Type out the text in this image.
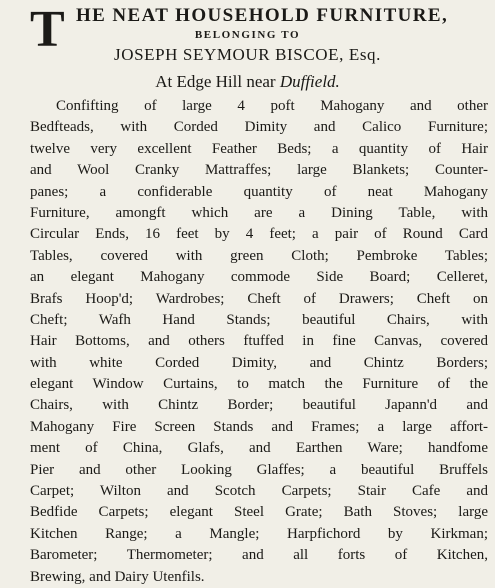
T HE NEAT HOUSEHOLD FURNITURE,
BELONGING TO
JOSEPH SEYMOUR BISCOE, Esq.
At Edge Hill near Duffield.
Confifting of large 4 poft Mahogany and other
Bedfteads, with Corded Dimity and Calico Furniture;
twelve very excellent Feather Beds; a quantity of Hair
and Wool Cranky Mattraffes; large Blankets; Counter-
panes; a confiderable quantity of neat Mahogany
Furniture, amongft which are a Dining Table, with
Circular Ends, 16 feet by 4 feet; a pair of Round Card
Tables, covered with green Cloth; Pembroke Tables;
an elegant Mahogany commode Side Board; Celleret,
Brafs Hoop'd; Wardrobes; Cheft of Drawers; Cheft on
Cheft; Wafh Hand Stands; beautiful Chairs, with
Hair Bottoms, and others ftuffed in fine Canvas, covered
with white Corded Dimity, and Chintz Borders;
elegant Window Curtains, to match the Furniture of the
Chairs, with Chintz Border; beautiful Japann'd and
Mahogany Fire Screen Stands and Frames; a large affort-
ment of China, Glafs, and Earthen Ware; handfome
Pier and other Looking Glaffes; a beautiful Bruffels
Carpet; Wilton and Scotch Carpets; Stair Cafe and
Bedfide Carpets; elegant Steel Grate; Bath Stoves; large
Kitchen Range; a Mangle; Harpfichord by Kirkman;
Barometer; Thermometer; and all forts of Kitchen,
Brewing, and Dairy Utenfils.
